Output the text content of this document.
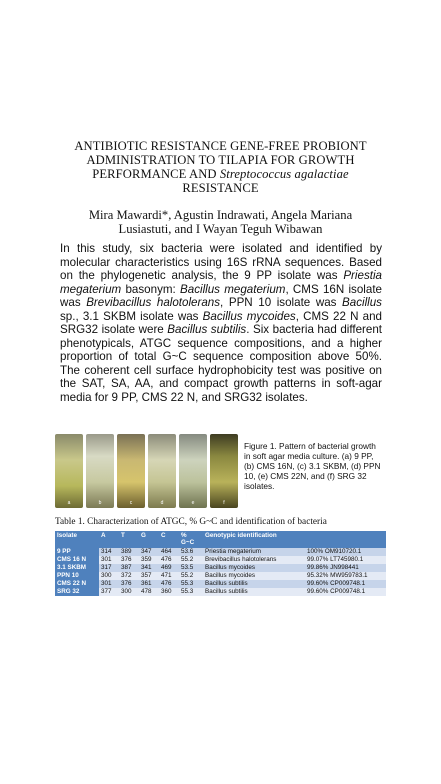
ANTIBIOTIC RESISTANCE GENE-FREE PROBIONT
ADMINISTRATION TO TILAPIA FOR GROWTH
PERFORMANCE AND Streptococcus agalactiae
RESISTANCE
Mira Mawardi*, Agustin Indrawati, Angela Mariana
Lusiastuti, and I Wayan Teguh Wibawan

In this study, six bacteria were isolated and identified by molecular characteristics using 16S rRNA sequences. Based on the phylogenetic analysis, the 9 PP isolate was Priestia megaterium basonym: Bacillus megaterium, CMS 16N isolate was Brevibacillus halotolerans, PPN 10 isolate was Bacillus sp., 3.1 SKBM isolate was Bacillus mycoides, CMS 22 N and SRG32 isolate were Bacillus subtilis. Six bacteria had different phenotypicals, ATGC sequence compositions, and a higher proportion of total G~C sequence composition above 50%. The coherent cell surface hydrophobicity test was positive on the SAT, SA, AA, and compact growth patterns in soft-agar media for 9 PP, CMS 22 N, and SRG32 isolates.

a	b	c	d	e	f
Figure 1. Pattern of bacterial growth in soft agar media culture. (a) 9 PP, (b) CMS 16N, (c) 3.1 SKBM, (d) PPN 10, (e) CMS 22N, and (f) SRG 32 isolates.
Table 1. Characterization of ATGC, % G~C and identification of bacteria
Isolate	A	T	G	C	% G~C	Genotypic identification	
9 PP	314	389	347	464	53.6	Priestia megaterium	100% OM910720.1
CMS 16 N	301	376	359	476	55.2	Brevibacillus halotolerans	99.07% LT745980.1
3.1 SKBM	317	387	341	469	53.5	Bacillus mycoides	99.86% JN998441
PPN 10	300	372	357	471	55.2	Bacillus mycoides	95.32% MW959783.1
CMS 22 N	301	376	361	476	55.3	Bacillus subtilis	99.60% CP009748.1
SRG 32	377	300	478	360	55.3	Bacillus subtilis	99.60% CP009748.1
